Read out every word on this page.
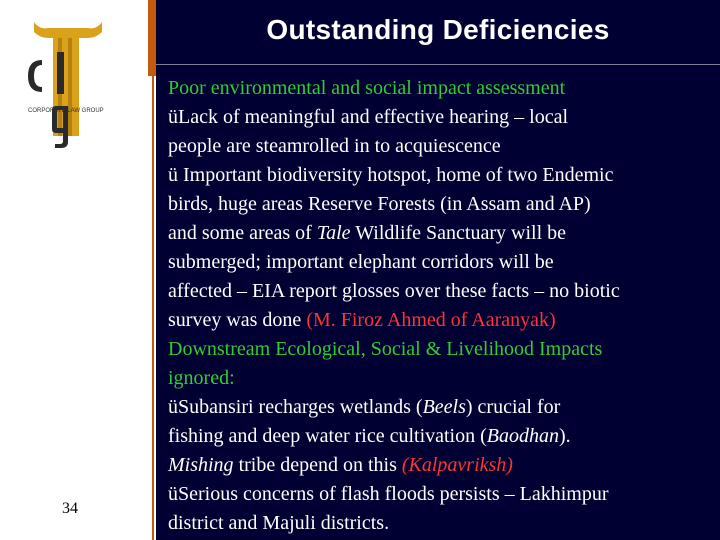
CORPORATE LAW GROUP
34
Outstanding Deficiencies

Poor environmental and social impact assessment

üLack of meaningful and effective hearing – local

people are steamrolled in to acquiescence

ü Important biodiversity hotspot, home of two Endemic

birds, huge areas Reserve Forests (in Assam and AP)

and some areas of Tale Wildlife Sanctuary will be

submerged; important elephant corridors will be

affected – EIA report glosses over these facts – no biotic

survey was done (M. Firoz Ahmed of Aaranyak)

Downstream Ecological, Social & Livelihood Impacts

ignored:

üSubansiri recharges wetlands (Beels) crucial for

fishing and deep water rice cultivation (Baodhan).

Mishing tribe depend on this (Kalpavriksh)

üSerious concerns of flash floods persists – Lakhimpur

district and Majuli districts.
